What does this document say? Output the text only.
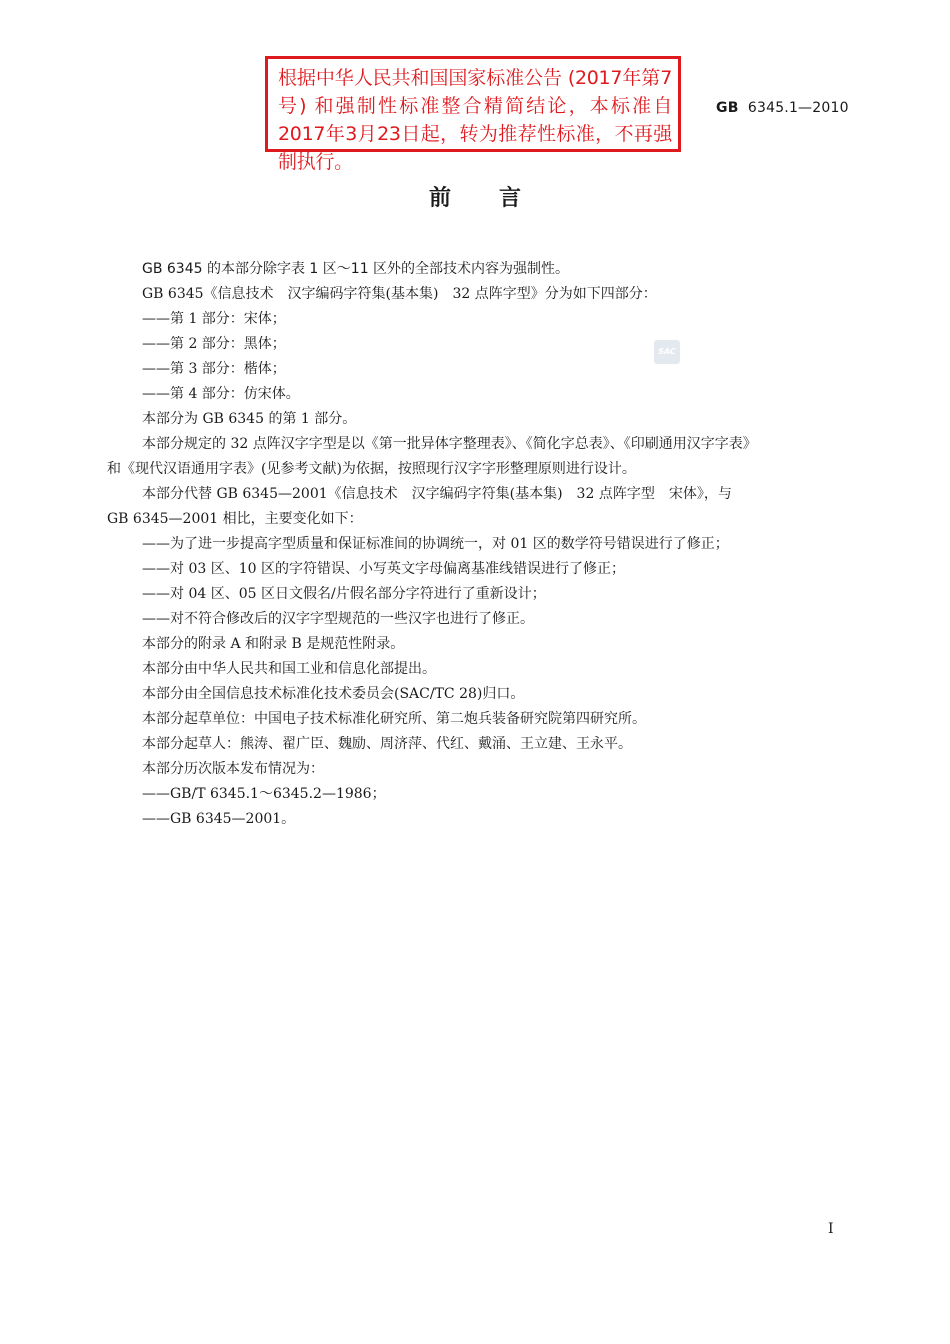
根据中华人民共和国国家标准公告 (2017年第7号) 和强制性标准整合精简结论，本标准自2017年3月23日起，转为推荐性标准，不再强制执行。
GB 6345.1—2010
前言
SAC
GB 6345 的本部分除字表 1 区～11 区外的全部技术内容为强制性。
GB 6345《信息技术　汉字编码字符集(基本集)　32 点阵字型》分为如下四部分：
——第 1 部分：宋体；
——第 2 部分：黑体；
——第 3 部分：楷体；
——第 4 部分：仿宋体。
本部分为 GB 6345 的第 1 部分。
本部分规定的 32 点阵汉字字型是以《第一批异体字整理表》、《简化字总表》、《印刷通用汉字字表》
和《现代汉语通用字表》(见参考文献)为依据，按照现行汉字字形整理原则进行设计。
本部分代替 GB 6345—2001《信息技术　汉字编码字符集(基本集)　32 点阵字型　宋体》，与
GB 6345—2001 相比，主要变化如下：
——为了进一步提高字型质量和保证标准间的协调统一，对 01 区的数学符号错误进行了修正；
——对 03 区、10 区的字符错误、小写英文字母偏离基准线错误进行了修正；
——对 04 区、05 区日文假名/片假名部分字符进行了重新设计；
——对不符合修改后的汉字字型规范的一些汉字也进行了修正。
本部分的附录 A 和附录 B 是规范性附录。
本部分由中华人民共和国工业和信息化部提出。
本部分由全国信息技术标准化技术委员会(SAC/TC 28)归口。
本部分起草单位：中国电子技术标准化研究所、第二炮兵装备研究院第四研究所。
本部分起草人：熊涛、翟广臣、魏励、周济萍、代红、戴涌、王立建、王永平。
本部分历次版本发布情况为：
——GB/T 6345.1～6345.2—1986；
——GB 6345—2001。
I
